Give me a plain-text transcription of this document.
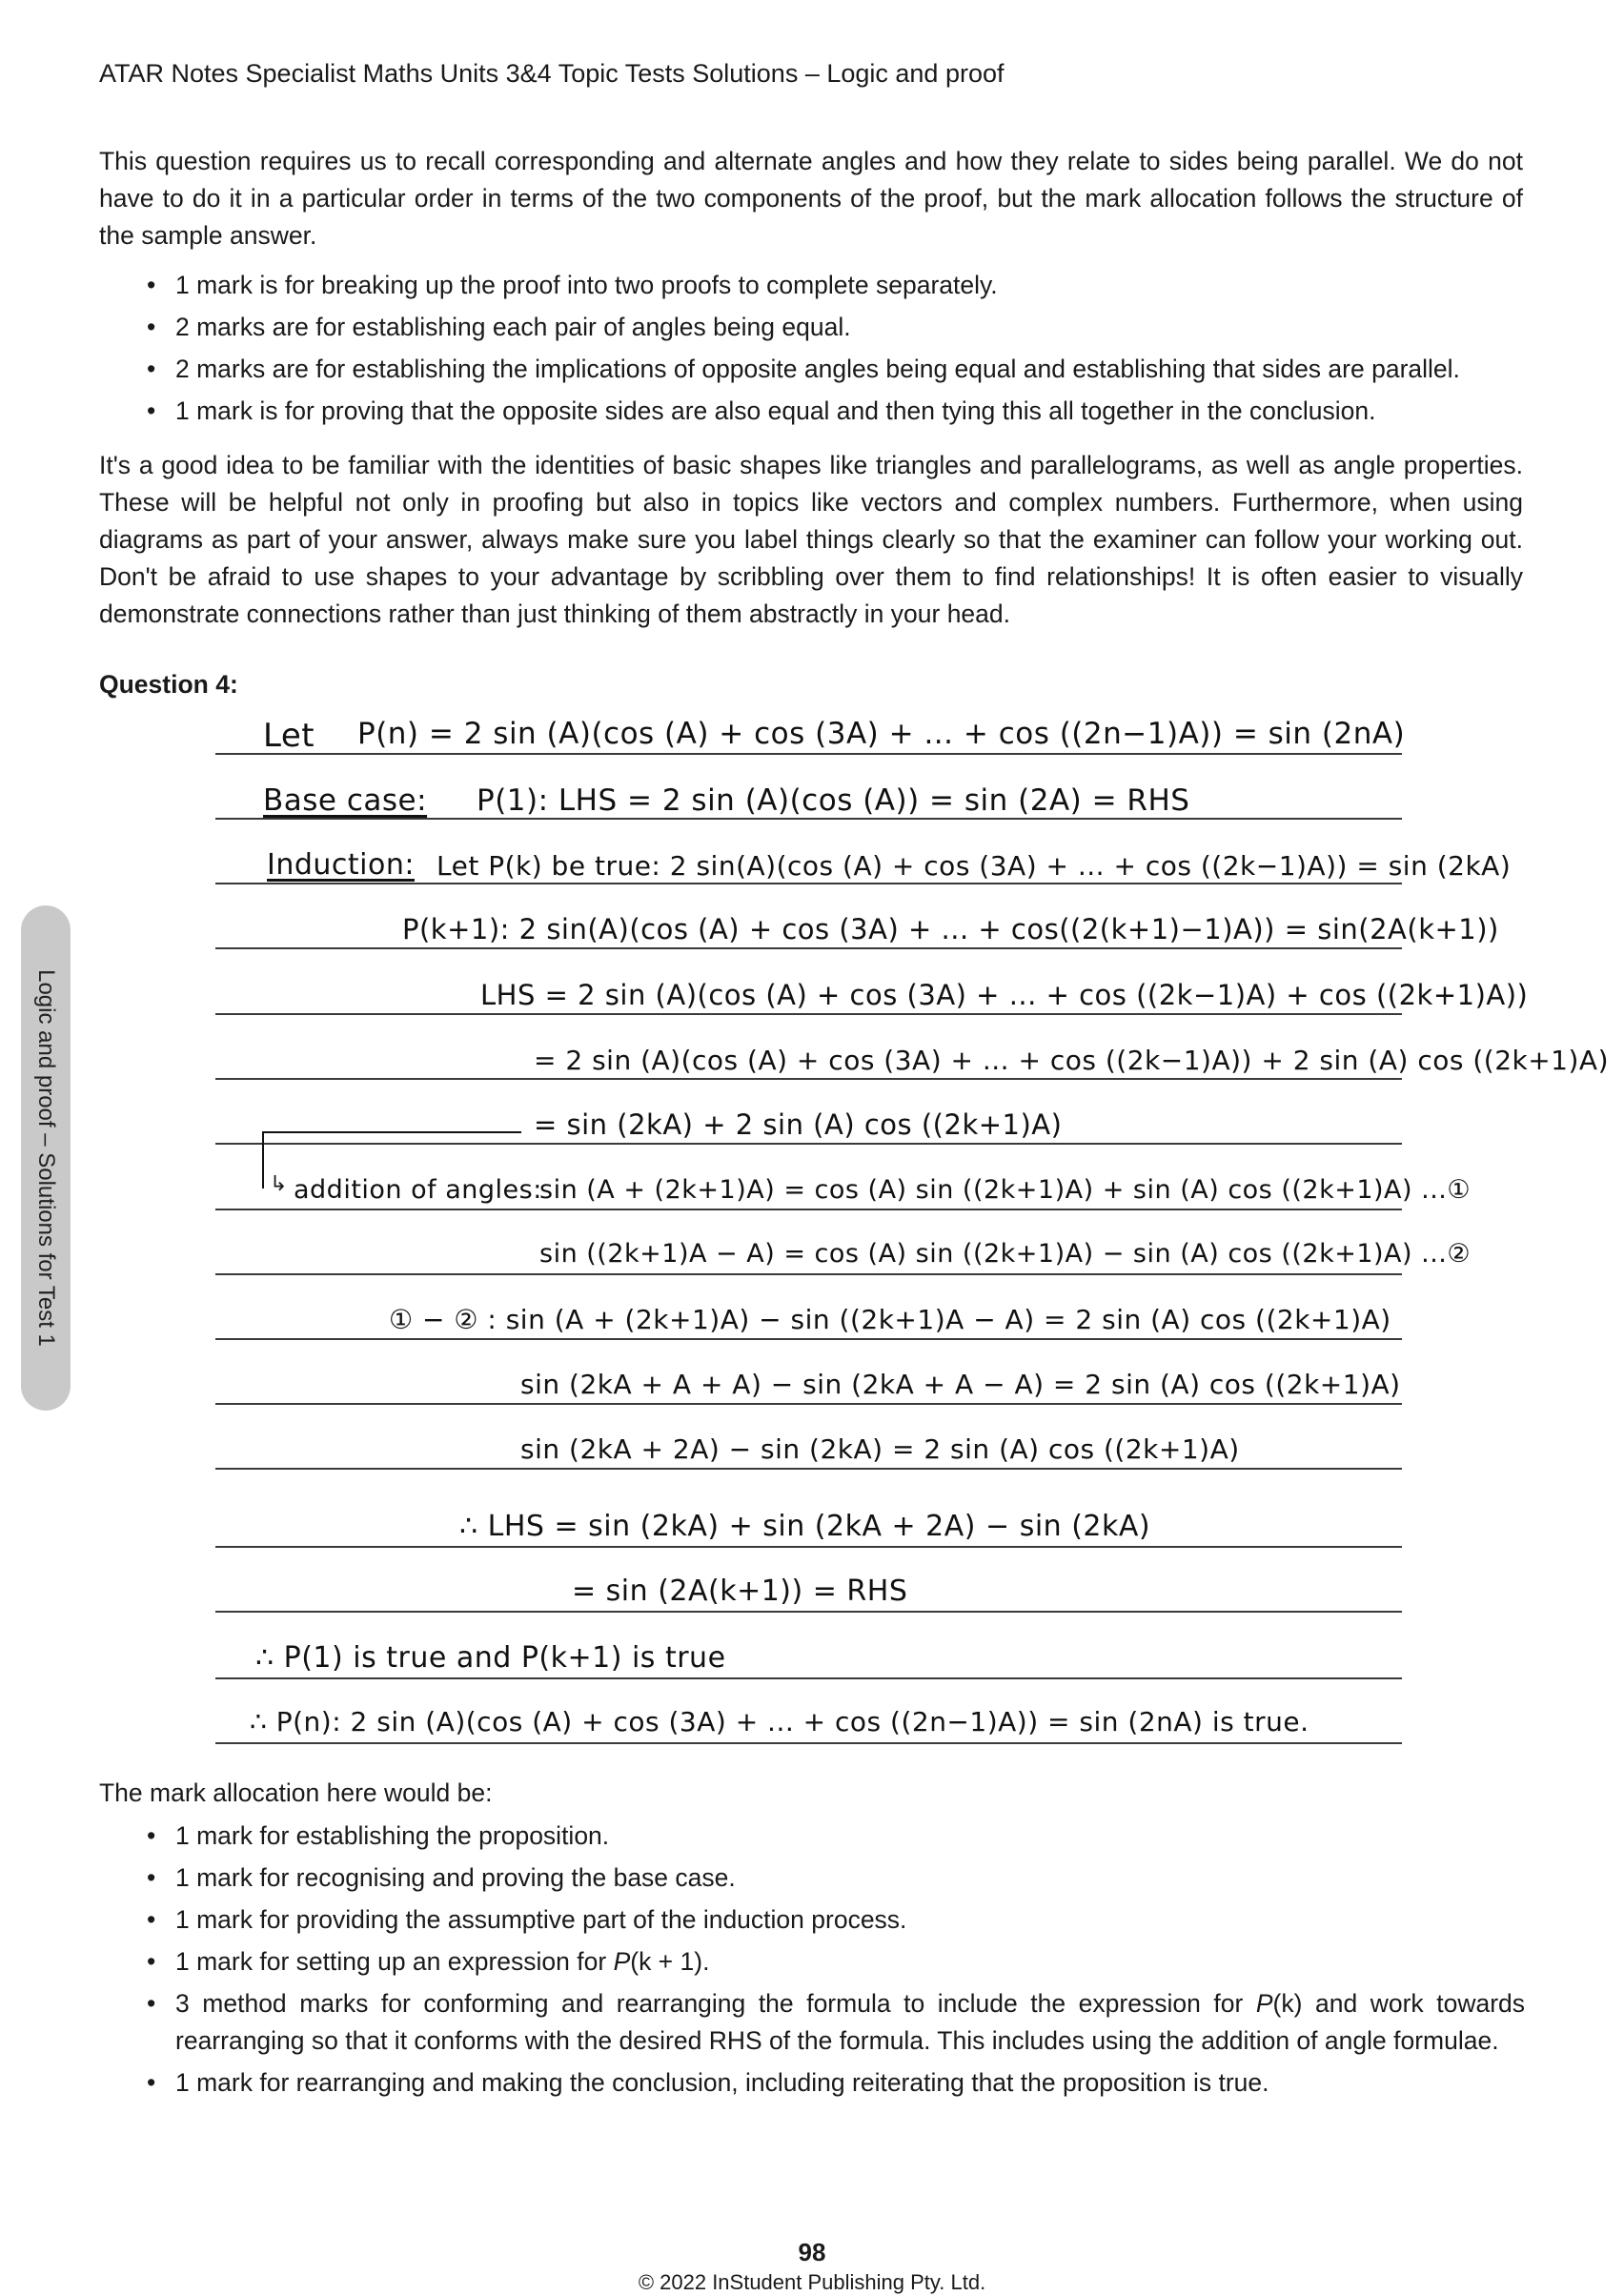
ATAR Notes Specialist Maths Units 3&4 Topic Tests Solutions – Logic and proof

This question requires us to recall corresponding and alternate angles and how they relate to sides being parallel. We do not have to do it in a particular order in terms of the two components of the proof, but the mark allocation follows the structure of the sample answer.

• 1 mark is for breaking up the proof into two proofs to complete separately.
• 2 marks are for establishing each pair of angles being equal.
• 2 marks are for establishing the implications of opposite angles being equal and establishing that sides are parallel.
• 1 mark is for proving that the opposite sides are also equal and then tying this all together in the conclusion.

It's a good idea to be familiar with the identities of basic shapes like triangles and parallelograms, as well as angle properties. These will be helpful not only in proofing but also in topics like vectors and complex numbers. Furthermore, when using diagrams as part of your answer, always make sure you label things clearly so that the examiner can follow your working out. Don't be afraid to use shapes to your advantage by scribbling over them to find relationships! It is often easier to visually demonstrate connections rather than just thinking of them abstractly in your head.

Question 4:
Logic and proof – Solutions for Test 1
Let P(n) = 2 sin (A)(cos (A) + cos (3A) + ... + cos ((2n−1)A)) = sin (2nA)
Base case: P(1): LHS = 2 sin (A)(cos (A)) = sin (2A) = RHS
Induction: Let P(k) be true: 2 sin(A)(cos (A) + cos (3A) + ... + cos ((2k−1)A)) = sin (2kA)
P(k+1): 2 sin(A)(cos (A) + cos (3A) + ... + cos((2(k+1)−1)A)) = sin(2A(k+1))
LHS = 2 sin (A)(cos (A) + cos (3A) + ... + cos ((2k−1)A) + cos ((2k+1)A))
= 2 sin (A)(cos (A) + cos (3A) + ... + cos ((2k−1)A)) + 2 sin (A) cos ((2k+1)A)
= sin (2kA) + 2 sin (A) cos ((2k+1)A)
↳ addition of angles:
sin (A + (2k+1)A) = cos (A) sin ((2k+1)A) + sin (A) cos ((2k+1)A) ...①
sin ((2k+1)A − A) = cos (A) sin ((2k+1)A) − sin (A) cos ((2k+1)A) ...②
① − ② : sin (A + (2k+1)A) − sin ((2k+1)A − A) = 2 sin (A) cos ((2k+1)A)
sin (2kA + A + A) − sin (2kA + A − A) = 2 sin (A) cos ((2k+1)A)
sin (2kA + 2A) − sin (2kA) = 2 sin (A) cos ((2k+1)A)
∴ LHS = sin (2kA) + sin (2kA + 2A) − sin (2kA)
= sin (2A(k+1)) = RHS
∴ P(1) is true and P(k+1) is true
∴ P(n): 2 sin (A)(cos (A) + cos (3A) + ... + cos ((2n−1)A)) = sin (2nA) is true.

The mark allocation here would be:

• 1 mark for establishing the proposition.
• 1 mark for recognising and proving the base case.
• 1 mark for providing the assumptive part of the induction process.
• 1 mark for setting up an expression for P(k + 1).
• 3 method marks for conforming and rearranging the formula to include the expression for P(k) and work towards rearranging so that it conforms with the desired RHS of the formula. This includes using the addition of angle formulae.
• 1 mark for rearranging and making the conclusion, including reiterating that the proposition is true.
98
© 2022 InStudent Publishing Pty. Ltd.
